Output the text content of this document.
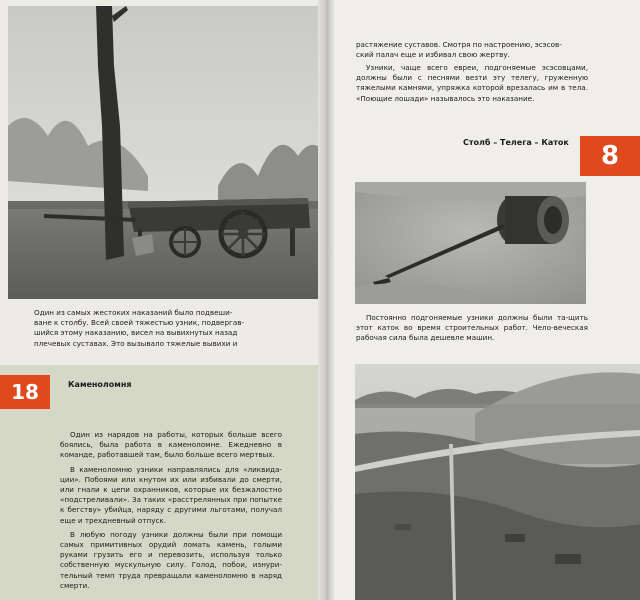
Один из самых жестоких наказаний было подвеши-
ване к столбу. Всей своей тяжестью узник, подвергав-
шийся этому наказанию, висел на вывихнутых назад
плечевых суставах. Это вызывало тяжелые вывихи и
18	Каменоломня

Один из нарядов на работы, которых больше всего боялись, была работа в каменоломне. Ежедневно в команде, работавшей там, было больше всего мертвых.

В каменоломню узники направлялись для «ликвида-ции». Побоями или кнутом их или избивали до смерти, или гнали к цепи охранников, которые их безжалостно «подстреливали». За таких «расстрелянных при попытке к бегству» убийца, наряду с другими льготами, получал еще и трехдневный отпуск.

В любую погоду узники должны были при помощи самых примитивных орудий ломать камень, голыми руками грузить его и перевозить, используя только собственную мускульную силу. Голод, побои, изнури-тельный темп труда превращали каменоломню в наряд смерти.

растяжение суставов. Смотря по настроению, эсэсов-
ский палач еще и избивал свою жертву.

Узники, чаще всего евреи, подгоняемые эсэсовцами, должны были с песнями везти эту телегу, груженную тяжелыми камнями, упряжка которой врезалась им в тела. «Поющие лошади» называлось это наказание.

Столб – Телега – Каток	8

Постоянно подгоняемые узники должны были та-щить этот каток во время строительных работ. Чело-веческая рабочая сила была дешевле машин.
